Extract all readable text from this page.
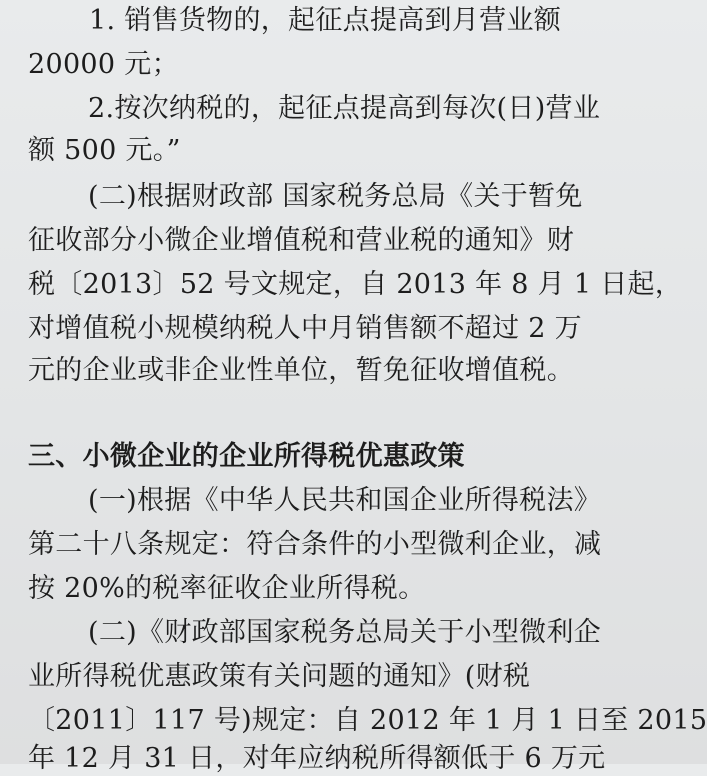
1. 销售货物的，起征点提高到月营业额
20000 元；
2.按次纳税的，起征点提高到每次(日)营业
额 500 元。”
(二)根据财政部 国家税务总局《关于暂免
征收部分小微企业增值税和营业税的通知》财
税〔2013〕52 号文规定，自 2013 年 8 月 1 日起，
对增值税小规模纳税人中月销售额不超过 2 万
元的企业或非企业性单位，暂免征收增值税。
三、小微企业的企业所得税优惠政策
(一)根据《中华人民共和国企业所得税法》
第二十八条规定：符合条件的小型微利企业，减
按 20%的税率征收企业所得税。
(二)《财政部国家税务总局关于小型微利企
业所得税优惠政策有关问题的通知》(财税
〔2011〕117 号)规定：自 2012 年 1 月 1 日至 2015
年 12 月 31 日，对年应纳税所得额低于 6 万元
